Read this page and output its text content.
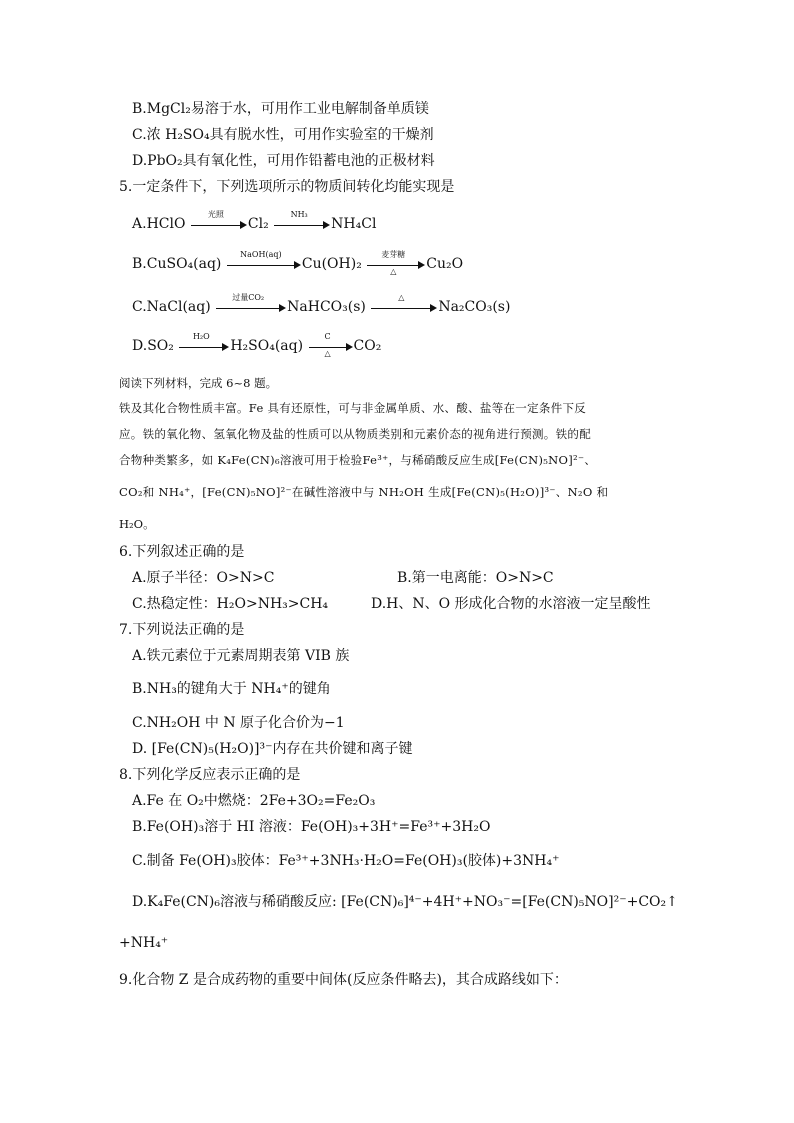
B.MgCl₂易溶于水，可用作工业电解制备单质镁
C.浓 H₂SO₄具有脱水性，可用作实验室的干燥剂
D.PbO₂具有氧化性，可用作铅蓄电池的正极材料
5.一定条件下，下列选项所示的物质间转化均能实现是
A.HClO
光照
Cl₂
NH₃
NH₄Cl
B.CuSO₄(aq)
NaOH(aq)
Cu(OH)₂
麦芽糖
△	Cu₂O
C.NaCl(aq)
过量CO₂
NaHCO₃(s)
△
Na₂CO₃(s)
D.SO₂
H₂O
H₂SO₄(aq)
C
△	CO₂
阅读下列材料，完成 6~8 题。
铁及其化合物性质丰富。Fe 具有还原性，可与非金属单质、水、酸、盐等在一定条件下反
应。铁的氧化物、氢氧化物及盐的性质可以从物质类别和元素价态的视角进行预测。铁的配
合物种类繁多，如 K₄Fe(CN)₆溶液可用于检验Fe³⁺，与稀硝酸反应生成[Fe(CN)₅NO]²⁻、
CO₂和 NH₄⁺，[Fe(CN)₅NO]²⁻在碱性溶液中与 NH₂OH 生成[Fe(CN)₅(H₂O)]³⁻、N₂O 和
H₂O。
6.下列叙述正确的是
A.原子半径：O>N>C	B.第一电离能：O>N>C
C.热稳定性：H₂O>NH₃>CH₄	D.H、N、O 形成化合物的水溶液一定呈酸性
7.下列说法正确的是
A.铁元素位于元素周期表第 VIB 族
B.NH₃的键角大于 NH₄⁺的键角
C.NH₂OH 中 N 原子化合价为−1
D. [Fe(CN)₅(H₂O)]³⁻内存在共价键和离子键
8.下列化学反应表示正确的是
A.Fe 在 O₂中燃烧：2Fe+3O₂=Fe₂O₃
B.Fe(OH)₃溶于 HI 溶液：Fe(OH)₃+3H⁺=Fe³⁺+3H₂O
C.制备 Fe(OH)₃胶体：Fe³⁺+3NH₃·H₂O=Fe(OH)₃(胶体)+3NH₄⁺
D.K₄Fe(CN)₆溶液与稀硝酸反应: [Fe(CN)₆]⁴⁻+4H⁺+NO₃⁻=[Fe(CN)₅NO]²⁻+CO₂↑
+NH₄⁺
9.化合物 Z 是合成药物的重要中间体(反应条件略去)，其合成路线如下：
